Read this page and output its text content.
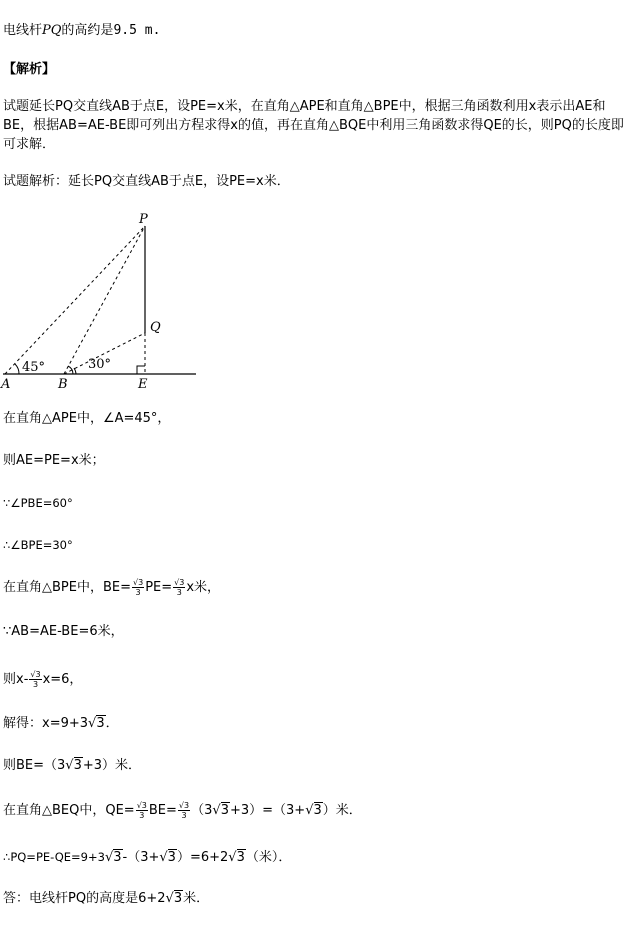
电线杆PQ的高约是9.5 m.
【解析】
试题延长PQ交直线AB于点E，设PE=x米，在直角△APE和直角△BPE中，根据三角函数利用x表示出AE和BE，根据AB=AE-BE即可列出方程求得x的值，再在直角△BQE中利用三角函数求得QE的长，则PQ的长度即可求解．
试题解析：延长PQ交直线AB于点E，设PE=x米．
P
Q
A	B	E
45°	30°
在直角△APE中，∠A=45°，
则AE=PE=x米；
∵∠PBE=60°
∴∠BPE=30°
在直角△BPE中，$BE= \frac{√3}{3} PE= \frac{√3}{3}$ x米，
∵AB=AE-BE=6米，
则$x- \frac{√3}{3} x=6$，
解得：x=9+3√3．
则BE=（3√3+3）米．
在直角△BEQ中，$QE= \frac{√3}{3} BE= \frac{√3}{3} (3√3+3)=(3+√3)$米．
∴PQ=PE-QE=9+3√3-（3+√3）=6+2√3（米）．
答：电线杆PQ的高度是6+2√3米．
